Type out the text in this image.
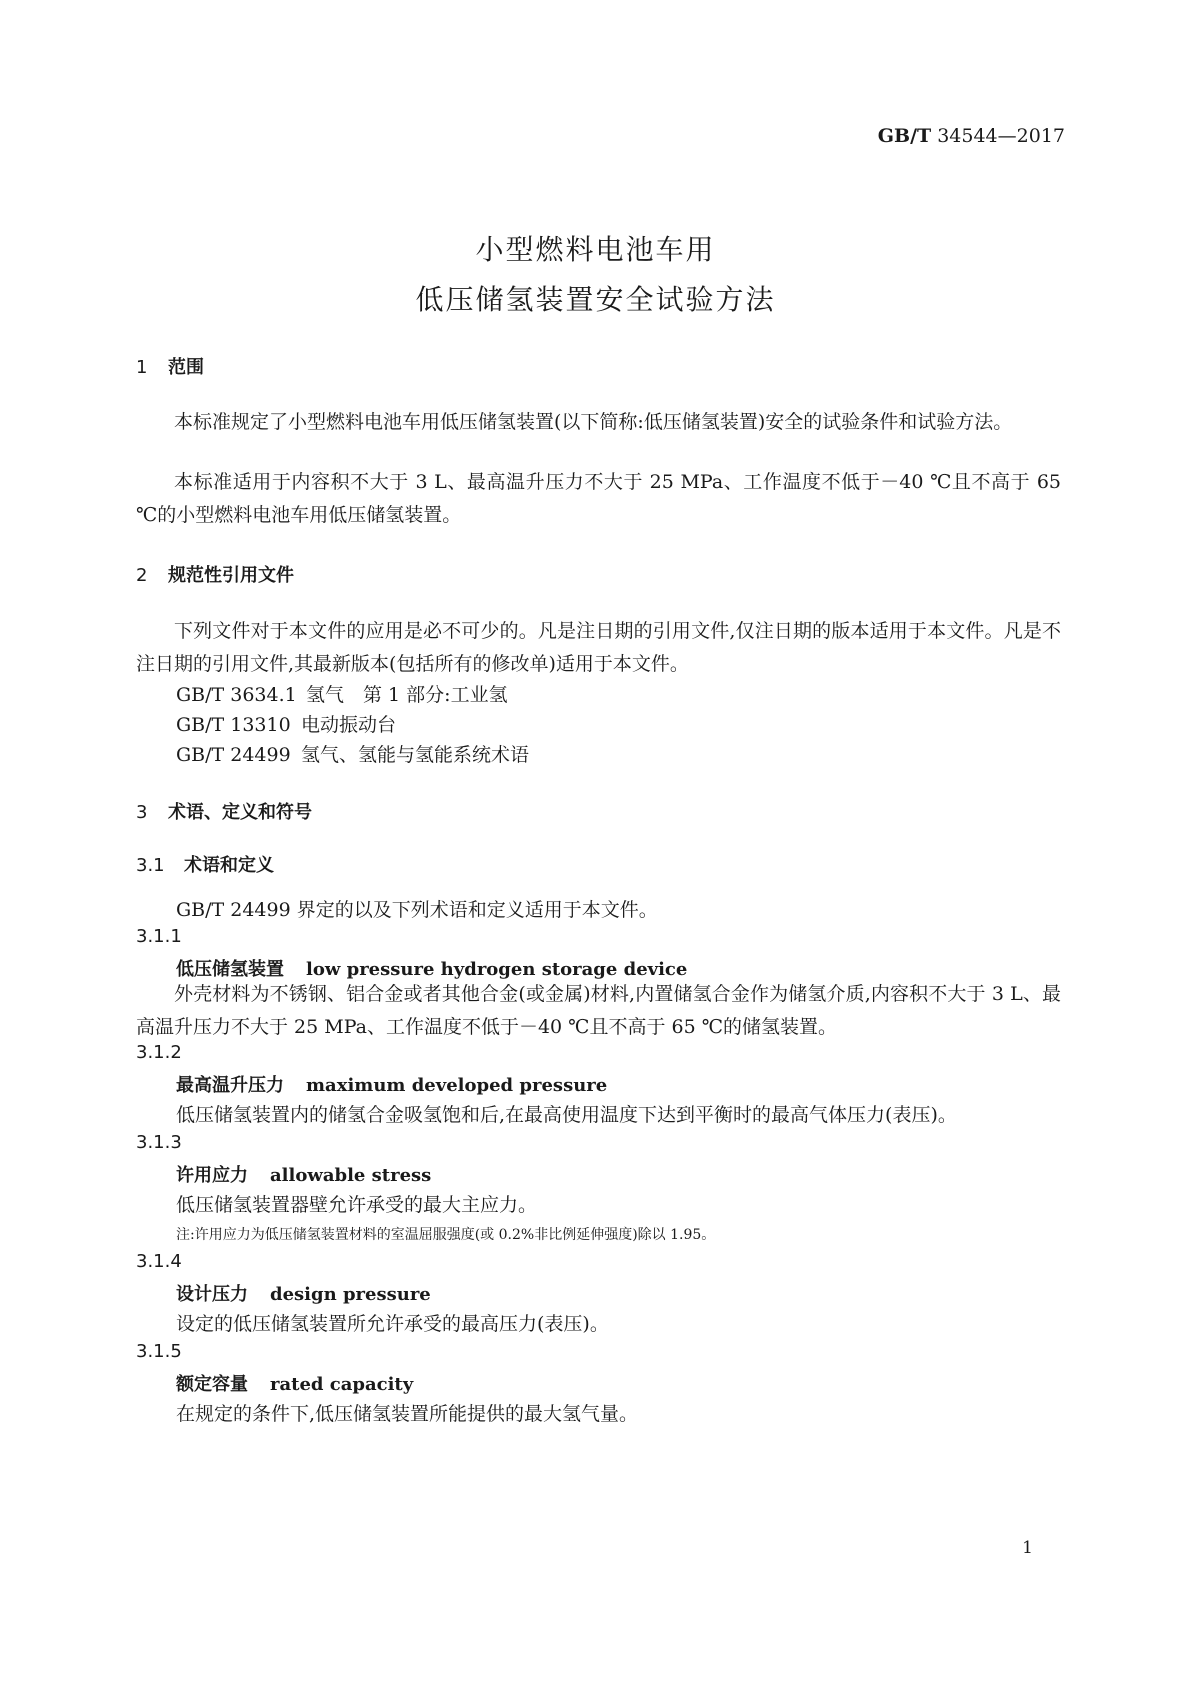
GB/T 34544—2017
小型燃料电池车用
低压储氢装置安全试验方法
1 范围
本标准规定了小型燃料电池车用低压储氢装置(以下简称:低压储氢装置)安全的试验条件和试验方法。
本标准适用于内容积不大于 3 L、最高温升压力不大于 25 MPa、工作温度不低于－40 ℃且不高于 65 ℃的小型燃料电池车用低压储氢装置。
2 规范性引用文件
下列文件对于本文件的应用是必不可少的。凡是注日期的引用文件,仅注日期的版本适用于本文件。凡是不注日期的引用文件,其最新版本(包括所有的修改单)适用于本文件。
GB/T 3634.1 氢气　第 1 部分:工业氢
GB/T 13310 电动振动台
GB/T 24499 氢气、氢能与氢能系统术语
3 术语、定义和符号
3.1 术语和定义
GB/T 24499 界定的以及下列术语和定义适用于本文件。
3.1.1
低压储氢装置 low pressure hydrogen storage device
外壳材料为不锈钢、铝合金或者其他合金(或金属)材料,内置储氢合金作为储氢介质,内容积不大于 3 L、最高温升压力不大于 25 MPa、工作温度不低于－40 ℃且不高于 65 ℃的储氢装置。
3.1.2
最高温升压力 maximum developed pressure
低压储氢装置内的储氢合金吸氢饱和后,在最高使用温度下达到平衡时的最高气体压力(表压)。
3.1.3
许用应力 allowable stress
低压储氢装置器壁允许承受的最大主应力。
注:许用应力为低压储氢装置材料的室温屈服强度(或 0.2%非比例延伸强度)除以 1.95。
3.1.4
设计压力 design pressure
设定的低压储氢装置所允许承受的最高压力(表压)。
3.1.5
额定容量 rated capacity
在规定的条件下,低压储氢装置所能提供的最大氢气量。
1
